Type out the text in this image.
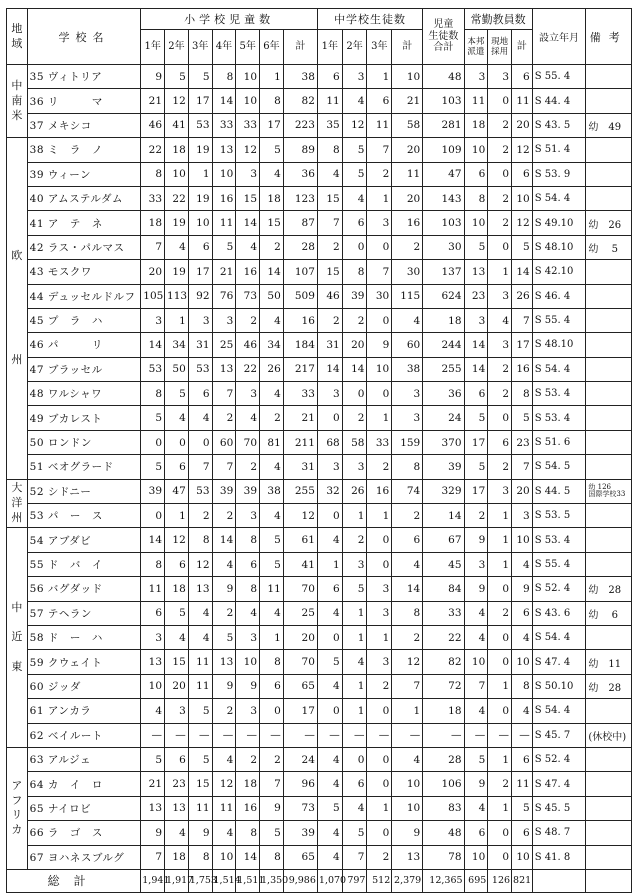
地
域	学校名	小学校児童数							中学校生徒数				児童
生徒数
合計	常勤教員数			設立年月	備考
		1年	2年	3年	4年	5年	6年	計	1年	2年	3年	計		本邦
派遣	現地
採用	計		
中
南
米	35 ヴィトリア	9	5	5	8	10	1	38	6	3	1	10	48	3	3	6	S 55. 4	
	36 リ　　　マ	21	12	17	14	10	8	82	11	4	6	21	103	11	0	11	S 44. 4	
	37 メキシコ	46	41	53	33	33	17	223	35	12	11	58	281	18	2	20	S 43. 5	幼　49
欧

州	38 ミ　ラ　ノ	22	18	19	13	12	5	89	8	5	7	20	109	10	2	12	S 51. 4	
	39 ウィーン	8	10	1	10	3	4	36	4	5	2	11	47	6	0	6	S 53. 9	
	40 アムステルダム	33	22	19	16	15	18	123	15	4	1	20	143	8	2	10	S 54. 4	
	41 ア　テ　ネ	18	19	10	11	14	15	87	7	6	3	16	103	10	2	12	S 49.10	幼　26
	42 ラス・パルマス	7	4	6	5	4	2	28	2	0	0	2	30	5	0	5	S 48.10	幼　 5
	43 モスクワ	20	19	17	21	16	14	107	15	8	7	30	137	13	1	14	S 42.10	
	44 デュッセルドルフ	105	113	92	76	73	50	509	46	39	30	115	624	23	3	26	S 46. 4	
	45 プ　ラ　ハ	3	1	3	3	2	4	16	2	2	0	4	18	3	4	7	S 55. 4	
	46 パ　　　リ	14	34	31	25	46	34	184	31	20	9	60	244	14	3	17	S 48.10	
	47 ブラッセル	53	50	53	13	22	26	217	14	14	10	38	255	14	2	16	S 54. 4	
	48 ワルシャワ	8	5	6	7	3	4	33	3	0	0	3	36	6	2	8	S 53. 4	
	49 ブカレスト	5	4	4	2	4	2	21	0	2	1	3	24	5	0	5	S 53. 4	
	50 ロンドン	0	0	0	60	70	81	211	68	58	33	159	370	17	6	23	S 51. 6	
	51 ベオグラード	5	6	7	7	2	4	31	3	3	2	8	39	5	2	7	S 54. 5	
大
洋
州	52 シドニー	39	47	53	39	39	38	255	32	26	16	74	329	17	3	20	S 44. 5	幼 126
国際学校33
	53 パ　ー　ス	0	1	2	2	3	4	12	0	1	1	2	14	2	1	3	S 53. 5	
中

近

東	54 アブダビ	14	12	8	14	8	5	61	4	2	0	6	67	9	1	10	S 53. 4	
	55 ド　バ　イ	8	6	12	4	6	5	41	1	3	0	4	45	3	1	4	S 55. 4	
	56 バグダッド	11	18	13	9	8	11	70	6	5	3	14	84	9	0	9	S 52. 4	幼　28
	57 テヘラン	6	5	4	2	4	4	25	4	1	3	8	33	4	2	6	S 43. 6	幼　 6
	58 ド　ー　ハ	3	4	4	5	3	1	20	0	1	1	2	22	4	0	4	S 54. 4	
	59 クウェイト	13	15	11	13	10	8	70	5	4	3	12	82	10	0	10	S 47. 4	幼　11
	60 ジッダ	10	20	11	9	9	6	65	4	1	2	7	72	7	1	8	S 50.10	幼　28
	61 アンカラ	4	3	5	2	3	0	17	0	1	0	1	18	4	0	4	S 54. 4	
	62 ベイルート	—	—	—	—	—	—	—	—	—	—	—	—	—	—	—	S 45. 7	(休校中)
ア
フ
リ
カ	63 アルジェ	5	6	5	4	2	2	24	4	0	0	4	28	5	1	6	S 52. 4	
	64 カ　イ　ロ	21	23	15	12	18	7	96	4	6	0	10	106	9	2	11	S 47. 4	
	65 ナイロビ	13	13	11	11	16	9	73	5	4	1	10	83	4	1	5	S 45. 5	
	66 ラ　ゴ　ス	9	4	9	4	8	5	39	4	5	0	9	48	6	0	6	S 48. 7	
	67 ヨハネスブルグ	7	18	8	10	14	8	65	4	7	2	13	78	10	0	10	S 41. 8	
総計		1,941	1,917	1,753	1,514	1,511	1,350	9,986	1,070	797	512	2,379	12,365	695	126	821		
